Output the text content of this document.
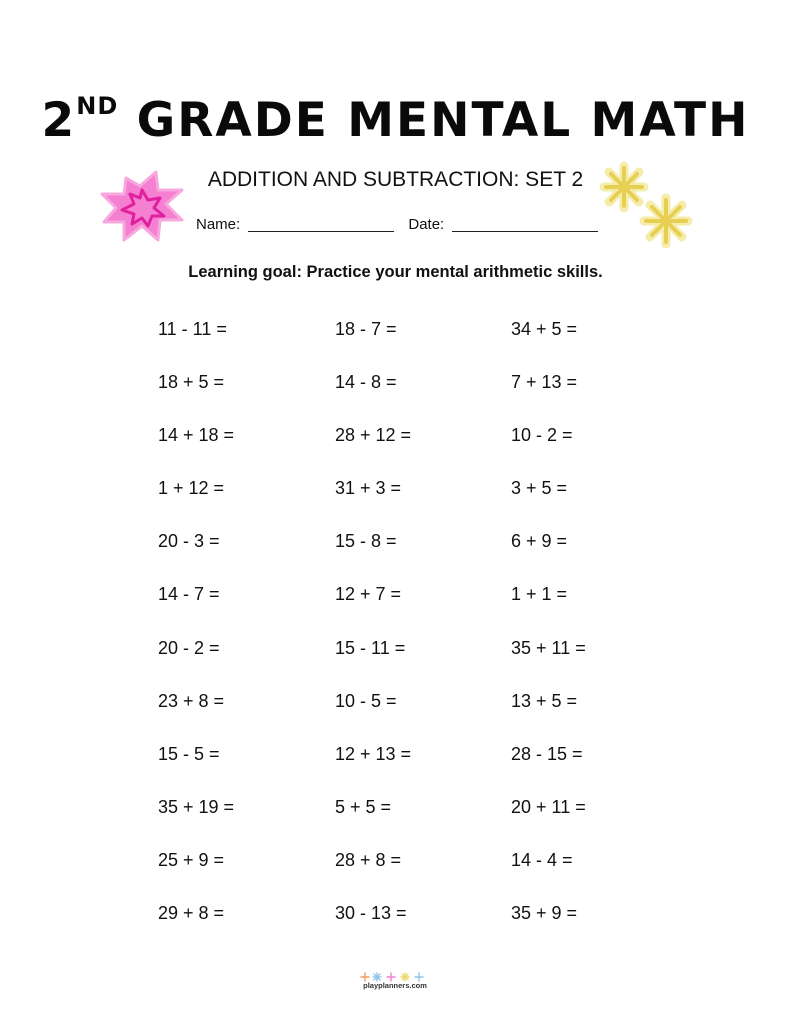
2ND GRADE MENTAL MATH
ADDITION AND SUBTRACTION: SET 2
Name:	Date:
Learning goal: Practice your mental arithmetic skills.
11 - 11 =	18 - 7 =	34 + 5 =
18 + 5 =	14 - 8 =	7 + 13 =
14 + 18 =	28 + 12 =	10 - 2 =
1 + 12 =	31 + 3 =	3 + 5 =
20 - 3 =	15 - 8 =	6 + 9 =
14 - 7 =	12 + 7 =	1 + 1 =
20 - 2 =	15 - 11 =	35 + 11 =
23 + 8 =	10 - 5 =	13 + 5 =
15 - 5 =	12 + 13 =	28 - 15 =
35 + 19 =	5 + 5 =	20 + 11 =
25 + 9 =	28 + 8 =	14 - 4 =
29 + 8 =	30 - 13 =	35 + 9 =
playplanners.com
